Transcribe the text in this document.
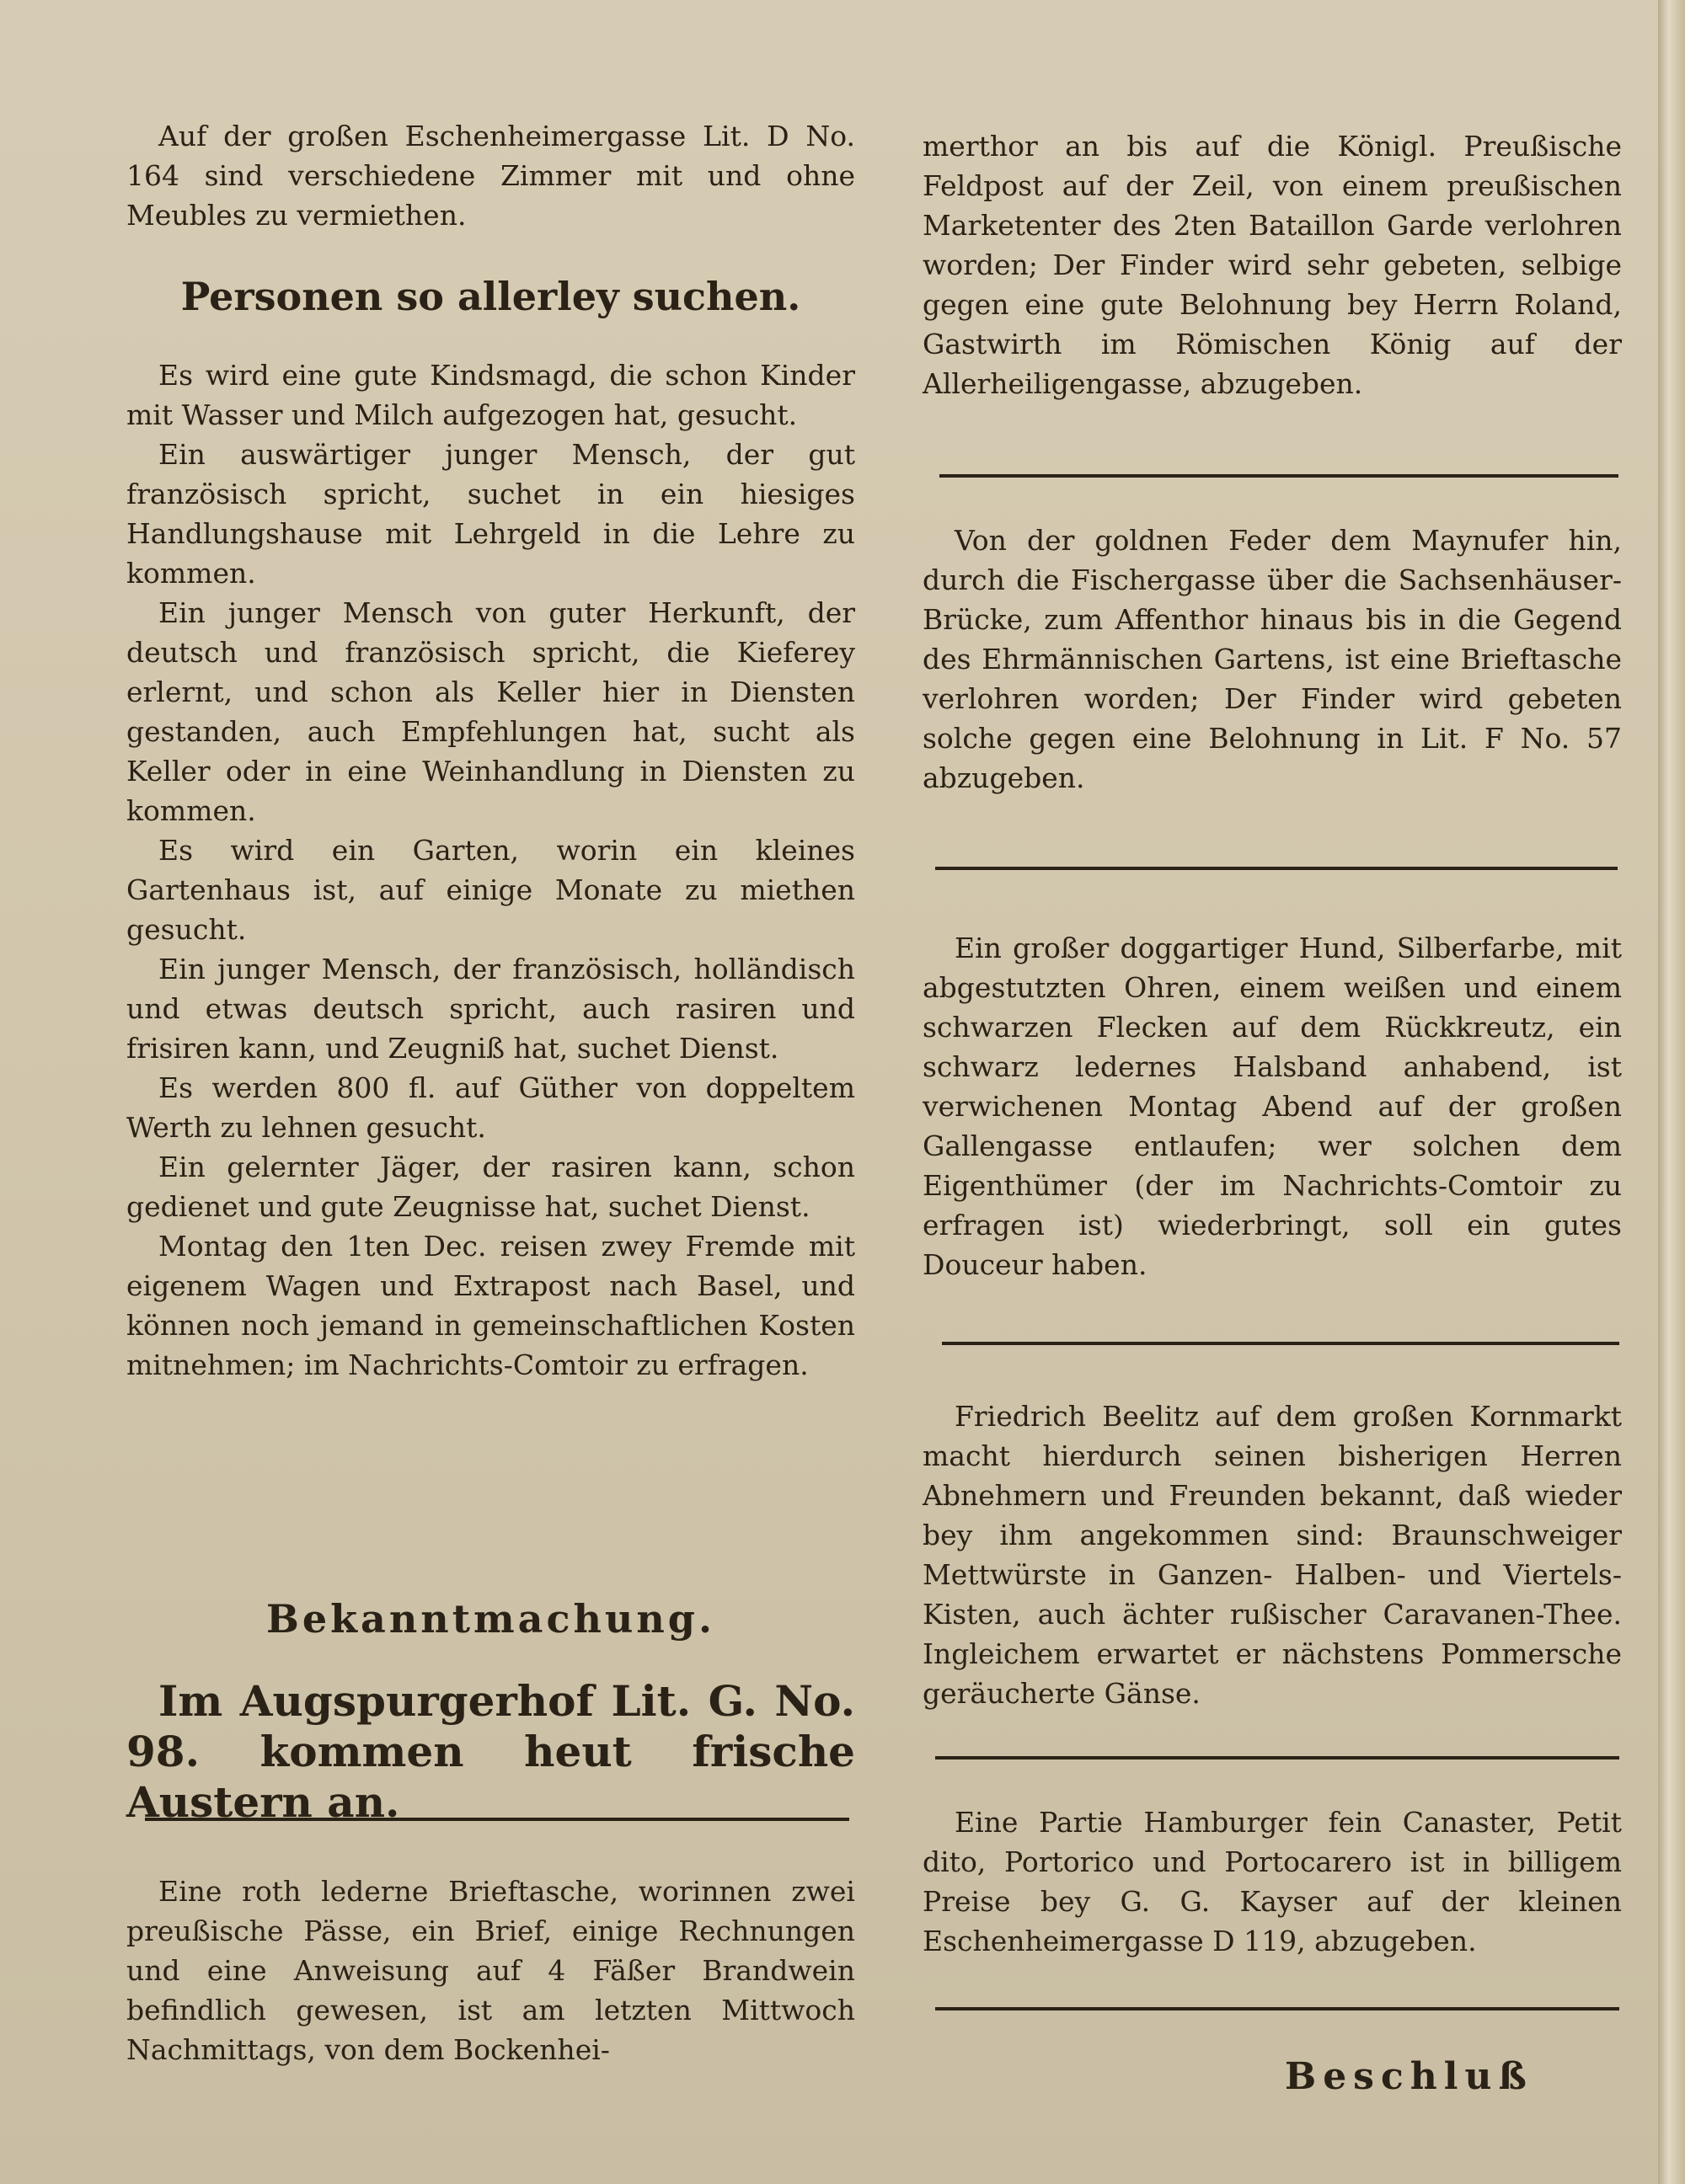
Auf der großen Eschenheimergasse Lit. D No. 164 sind verschiedene Zimmer mit und ohne Meubles zu vermiethen.

Personen so allerley suchen.

Es wird eine gute Kindsmagd, die schon Kinder mit Wasser und Milch aufgezogen hat, gesucht.

Ein auswärtiger junger Mensch, der gut französisch spricht, suchet in ein hiesiges Handlungshause mit Lehrgeld in die Lehre zu kommen.

Ein junger Mensch von guter Herkunft, der deutsch und französisch spricht, die Kieferey erlernt, und schon als Keller hier in Diensten gestanden, auch Empfehlungen hat, sucht als Keller oder in eine Weinhandlung in Diensten zu kommen.

Es wird ein Garten, worin ein kleines Gartenhaus ist, auf einige Monate zu miethen gesucht.

Ein junger Mensch, der französisch, holländisch und etwas deutsch spricht, auch rasiren und frisiren kann, und Zeugniß hat, suchet Dienst.

Es werden 800 fl. auf Güther von doppeltem Werth zu lehnen gesucht.

Ein gelernter Jäger, der rasiren kann, schon gedienet und gute Zeugnisse hat, suchet Dienst.

Montag den 1ten Dec. reisen zwey Fremde mit eigenem Wagen und Extrapost nach Basel, und können noch jemand in gemeinschaftlichen Kosten mitnehmen; im Nachrichts-Comtoir zu erfragen.

Bekanntmachung.

Im Augspurgerhof Lit. G. No. 98. kommen heut frische Austern an.

Eine roth lederne Brieftasche, worinnen zwei preußische Pässe, ein Brief, einige Rechnungen und eine Anweisung auf 4 Fäßer Brandwein befindlich gewesen, ist am letzten Mittwoch Nachmittags, von dem Bockenhei-

merthor an bis auf die Königl. Preußische Feldpost auf der Zeil, von einem preußischen Marketenter des 2ten Bataillon Garde verlohren worden; Der Finder wird sehr gebeten, selbige gegen eine gute Belohnung bey Herrn Roland, Gastwirth im Römischen König auf der Allerheiligengasse, abzugeben.

Von der goldnen Feder dem Maynufer hin, durch die Fischergasse über die Sachsenhäuser-Brücke, zum Affenthor hinaus bis in die Gegend des Ehrmännischen Gartens, ist eine Brieftasche verlohren worden; Der Finder wird gebeten solche gegen eine Belohnung in Lit. F No. 57 abzugeben.

Ein großer doggartiger Hund, Silberfarbe, mit abgestutzten Ohren, einem weißen und einem schwarzen Flecken auf dem Rückkreutz, ein schwarz ledernes Halsband anhabend, ist verwichenen Montag Abend auf der großen Gallengasse entlaufen; wer solchen dem Eigenthümer (der im Nachrichts-Comtoir zu erfragen ist) wiederbringt, soll ein gutes Douceur haben.

Friedrich Beelitz auf dem großen Kornmarkt macht hierdurch seinen bisherigen Herren Abnehmern und Freunden bekannt, daß wieder bey ihm angekommen sind: Braunschweiger Mettwürste in Ganzen- Halben- und Viertels-Kisten, auch ächter rußischer Caravanen-Thee. Ingleichem erwartet er nächstens Pommersche geräucherte Gänse.

Eine Partie Hamburger fein Canaster, Petit dito, Portorico und Portocarero ist in billigem Preise bey G. G. Kayser auf der kleinen Eschenheimergasse D 119, abzugeben.

Beschluß
